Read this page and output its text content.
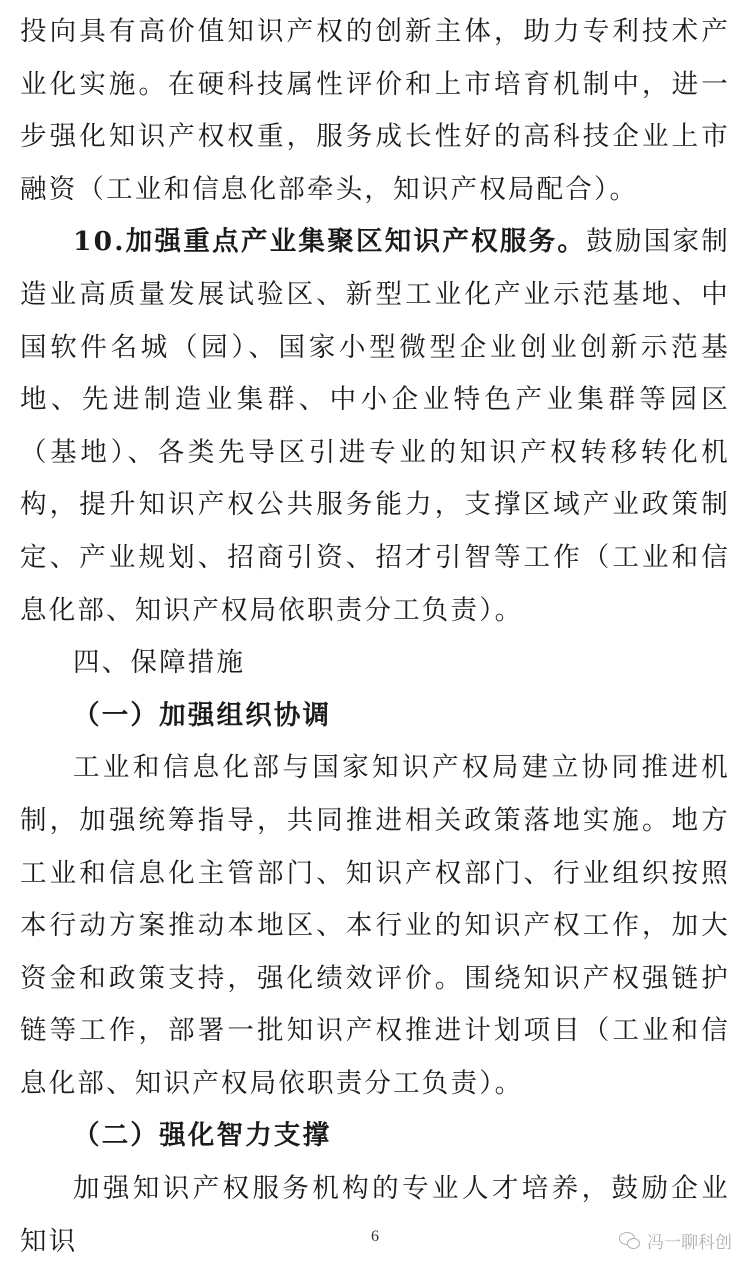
投向具有高价值知识产权的创新主体，助力专利技术产业化实施。在硬科技属性评价和上市培育机制中，进一步强化知识产权权重，服务成长性好的高科技企业上市融资（工业和信息化部牵头，知识产权局配合）。

10.加强重点产业集聚区知识产权服务。鼓励国家制造业高质量发展试验区、新型工业化产业示范基地、中国软件名城（园）、国家小型微型企业创业创新示范基地、先进制造业集群、中小企业特色产业集群等园区（基地）、各类先导区引进专业的知识产权转移转化机构，提升知识产权公共服务能力，支撑区域产业政策制定、产业规划、招商引资、招才引智等工作（工业和信息化部、知识产权局依职责分工负责）。

四、保障措施

（一）加强组织协调

工业和信息化部与国家知识产权局建立协同推进机制，加强统筹指导，共同推进相关政策落地实施。地方工业和信息化主管部门、知识产权部门、行业组织按照本行动方案推动本地区、本行业的知识产权工作，加大资金和政策支持，强化绩效评价。围绕知识产权强链护链等工作，部署一批知识产权推进计划项目（工业和信息化部、知识产权局依职责分工负责）。

（二）强化智力支撑

加强知识产权服务机构的专业人才培养，鼓励企业知识	6	冯一聊科创
